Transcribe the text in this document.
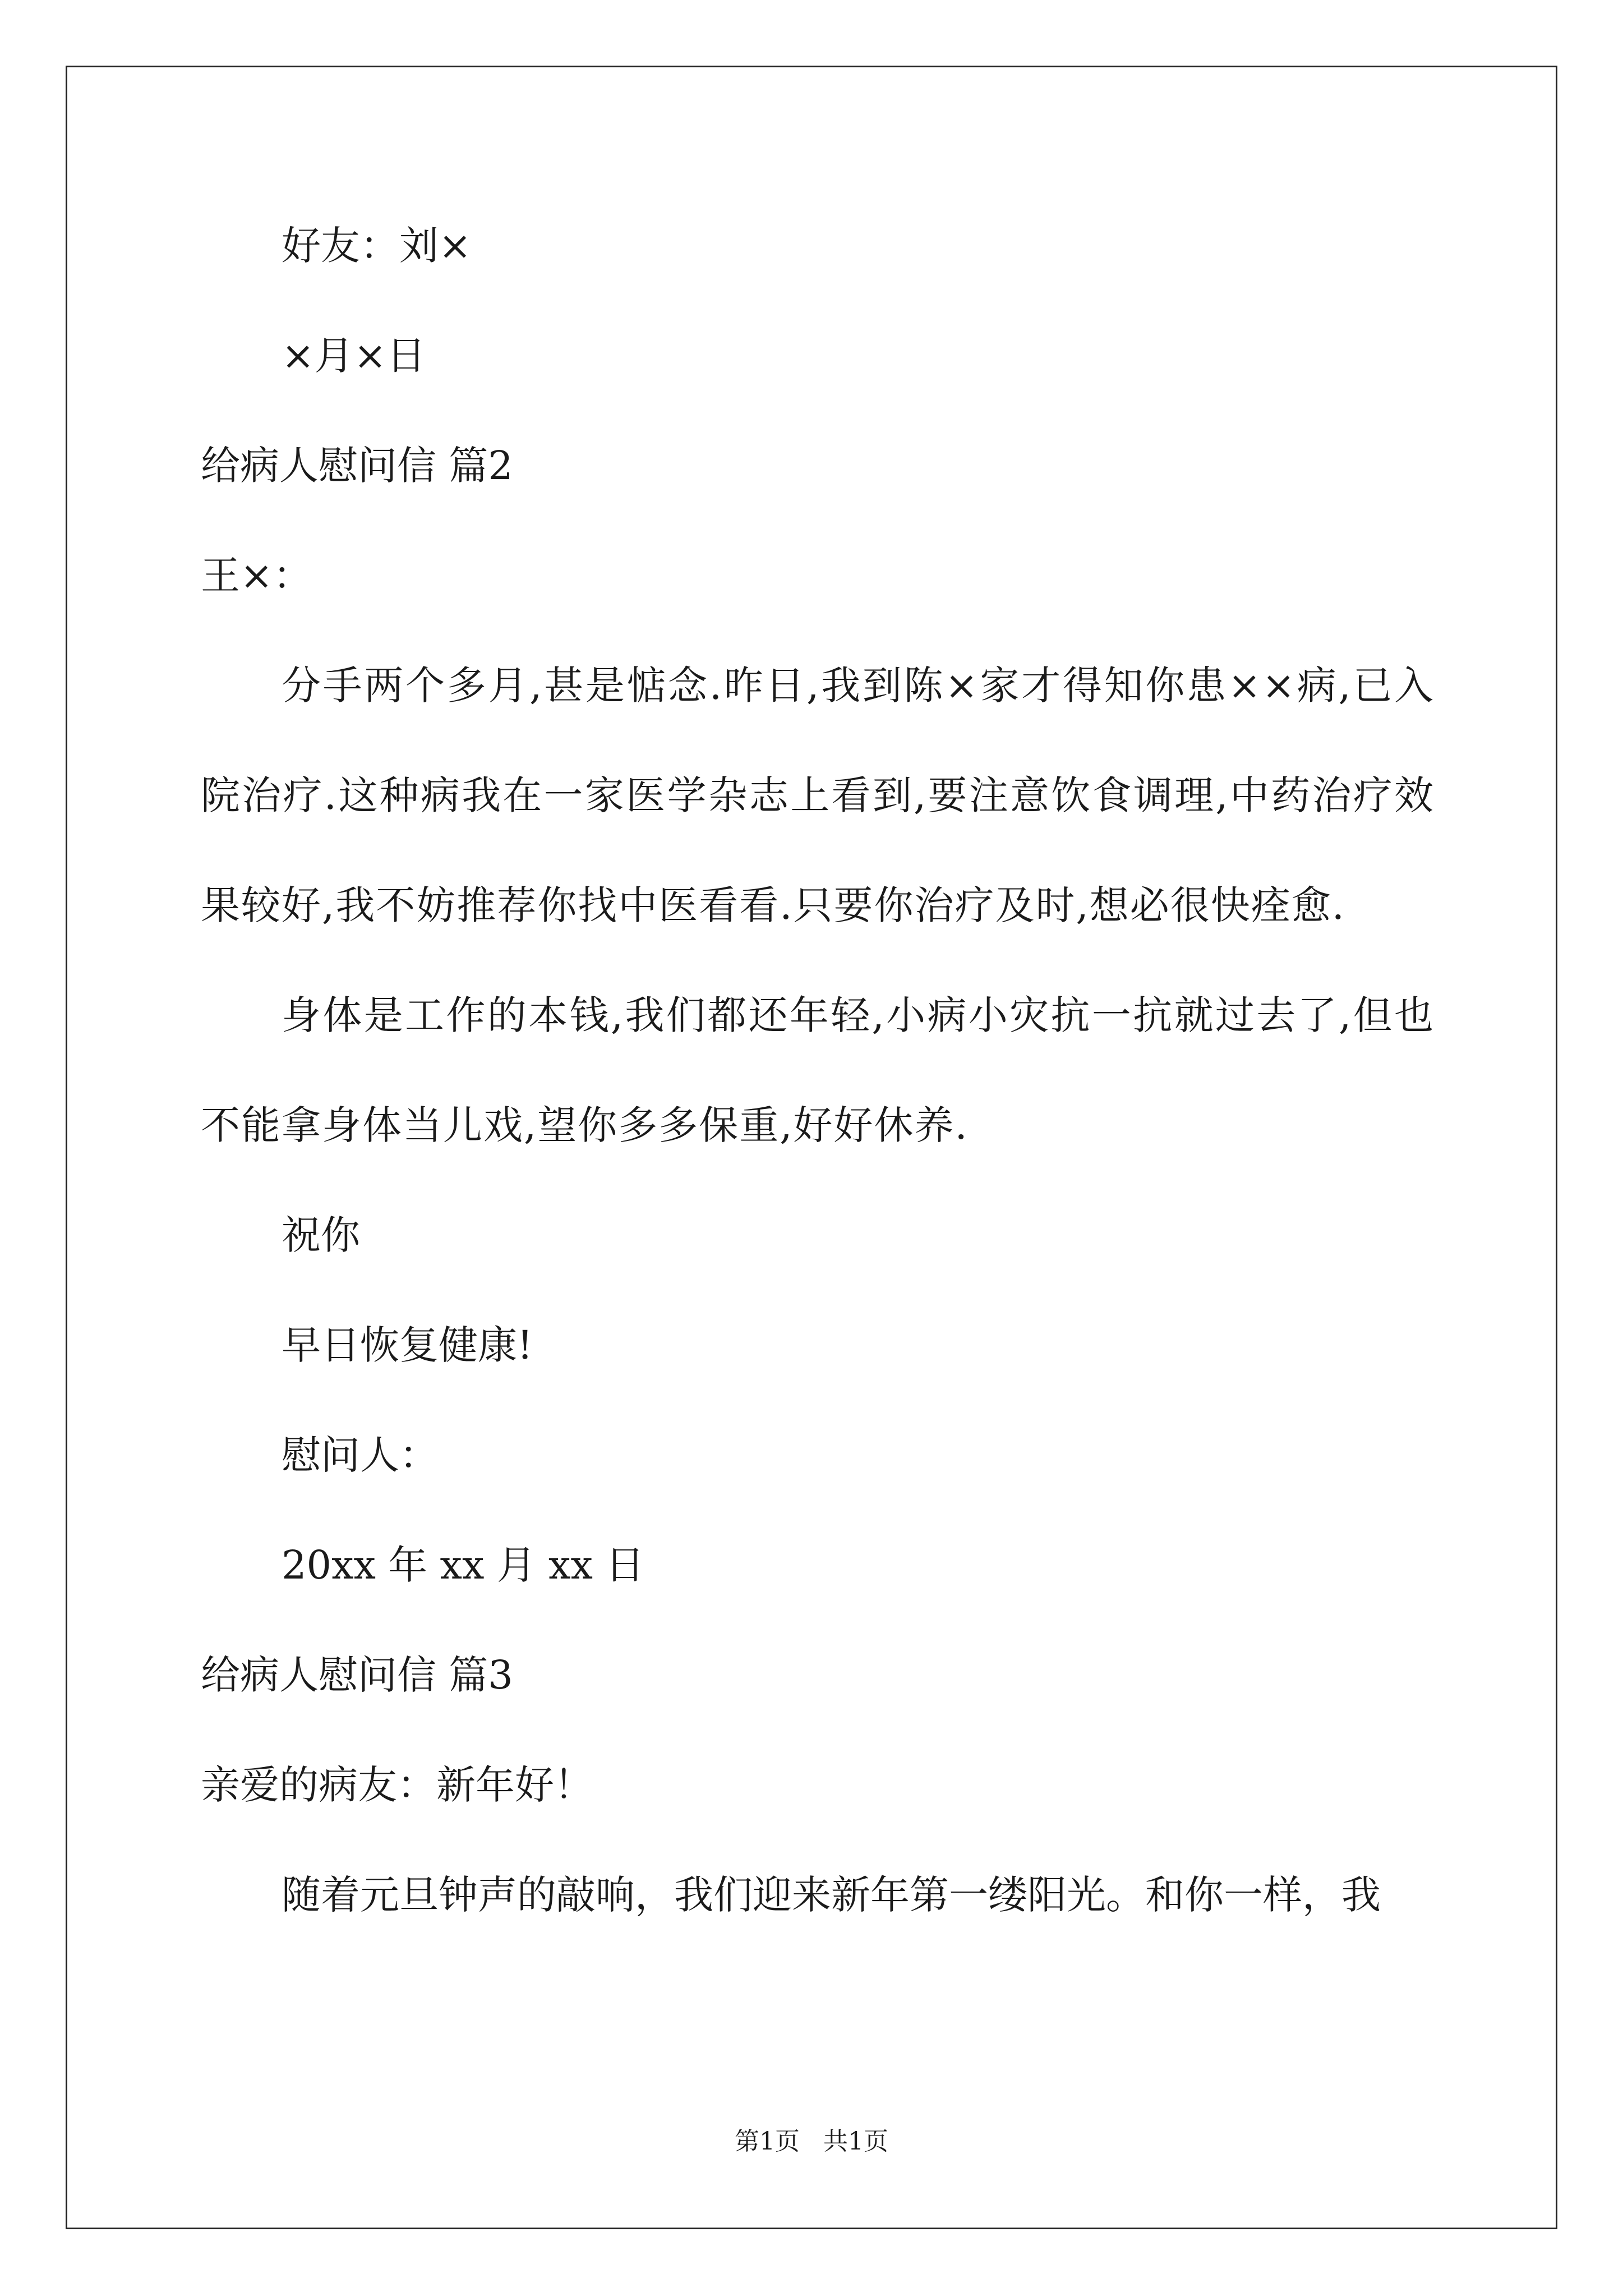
好友：刘×
×月×日
给病人慰问信 篇2
王×：
分手两个多月,甚是惦念.昨日,我到陈×家才得知你患××病,已入院治疗.这种病我在一家医学杂志上看到,要注意饮食调理,中药治疗效果较好,我不妨推荐你找中医看看.只要你治疗及时,想必很快痊愈.
身体是工作的本钱,我们都还年轻,小病小灾抗一抗就过去了,但也不能拿身体当儿戏,望你多多保重,好好休养.
祝你
早日恢复健康!
慰问人：
20xx 年 xx 月 xx 日
给病人慰问信 篇3
亲爱的病友：新年好！
随着元旦钟声的敲响，我们迎来新年第一缕阳光。和你一样，我
第1页   共1页
